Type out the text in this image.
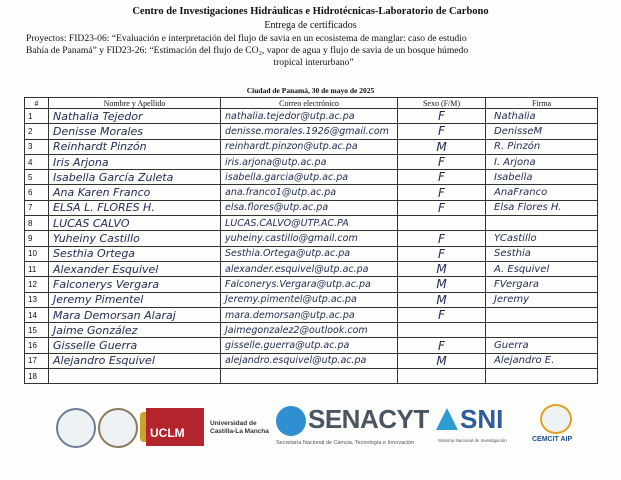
Centro de Investigaciones Hidráulicas e Hidrotécnicas-Laboratorio de Carbono
Entrega de certificados
Proyectos: FID23-06: “Evaluación e interpretación del flujo de savia en un ecosistema de manglar: caso de estudio
Bahía de Panamá” y FID23-26: “Estimación del flujo de CO₂, vapor de agua y flujo de savia de un bosque húmedo
tropical interurbano”
Ciudad de Panamá, 30 de mayo de 2025
#	Nombre y Apellido	Correo electrónico	Sexo (F/M)	Firma
1	Nathalia Tejedor	nathalia.tejedor@utp.ac.pa	F	Nathalia
2	Denisse Morales	denisse.morales.1926@gmail.com	F	DenisseM
3	Reinhardt Pinzón	reinhardt.pinzon@utp.ac.pa	M	R. Pinzón
4	Iris Arjona	iris.arjona@utp.ac.pa	F	I. Arjona
5	Isabella García Zuleta	isabella.garcia@utp.ac.pa	F	Isabella
6	Ana Karen Franco	ana.franco1@utp.ac.pa	F	AnaFranco
7	ELSA L. FLORES H.	elsa.flores@utp.ac.pa	F	Elsa Flores H.
8	LUCAS CALVO	LUCAS.CALVO@UTP.AC.PA		
9	Yuheiny Castillo	yuheiny.castillo@gmail.com	F	YCastillo
10	Sesthia Ortega	Sesthia.Ortega@utp.ac.pa	F	Sesthia
11	Alexander Esquivel	alexander.esquivel@utp.ac.pa	M	A. Esquivel
12	Falconerys Vergara	Falconerys.Vergara@utp.ac.pa	M	FVergara
13	Jeremy Pimentel	Jeremy.pimentel@utp.ac.pa	M	Jeremy
14	Mara Demorsan Alaraj	mara.demorsan@utp.ac.pa	F	
15	Jaime González	Jaimegonzalez2@outlook.com		
16	Gisselle Guerra	gisselle.guerra@utp.ac.pa	F	Guerra
17	Alejandro Esquivel	alejandro.esquivel@utp.ac.pa	M	Alejandro E.
18				
UCLM
Universidad de
Castilla-La Mancha SENACYT
Secretaría Nacional de Ciencia, Tecnología e Innovación
SNI
Sistema Nacional de Investigación	CEMCIT AIP
